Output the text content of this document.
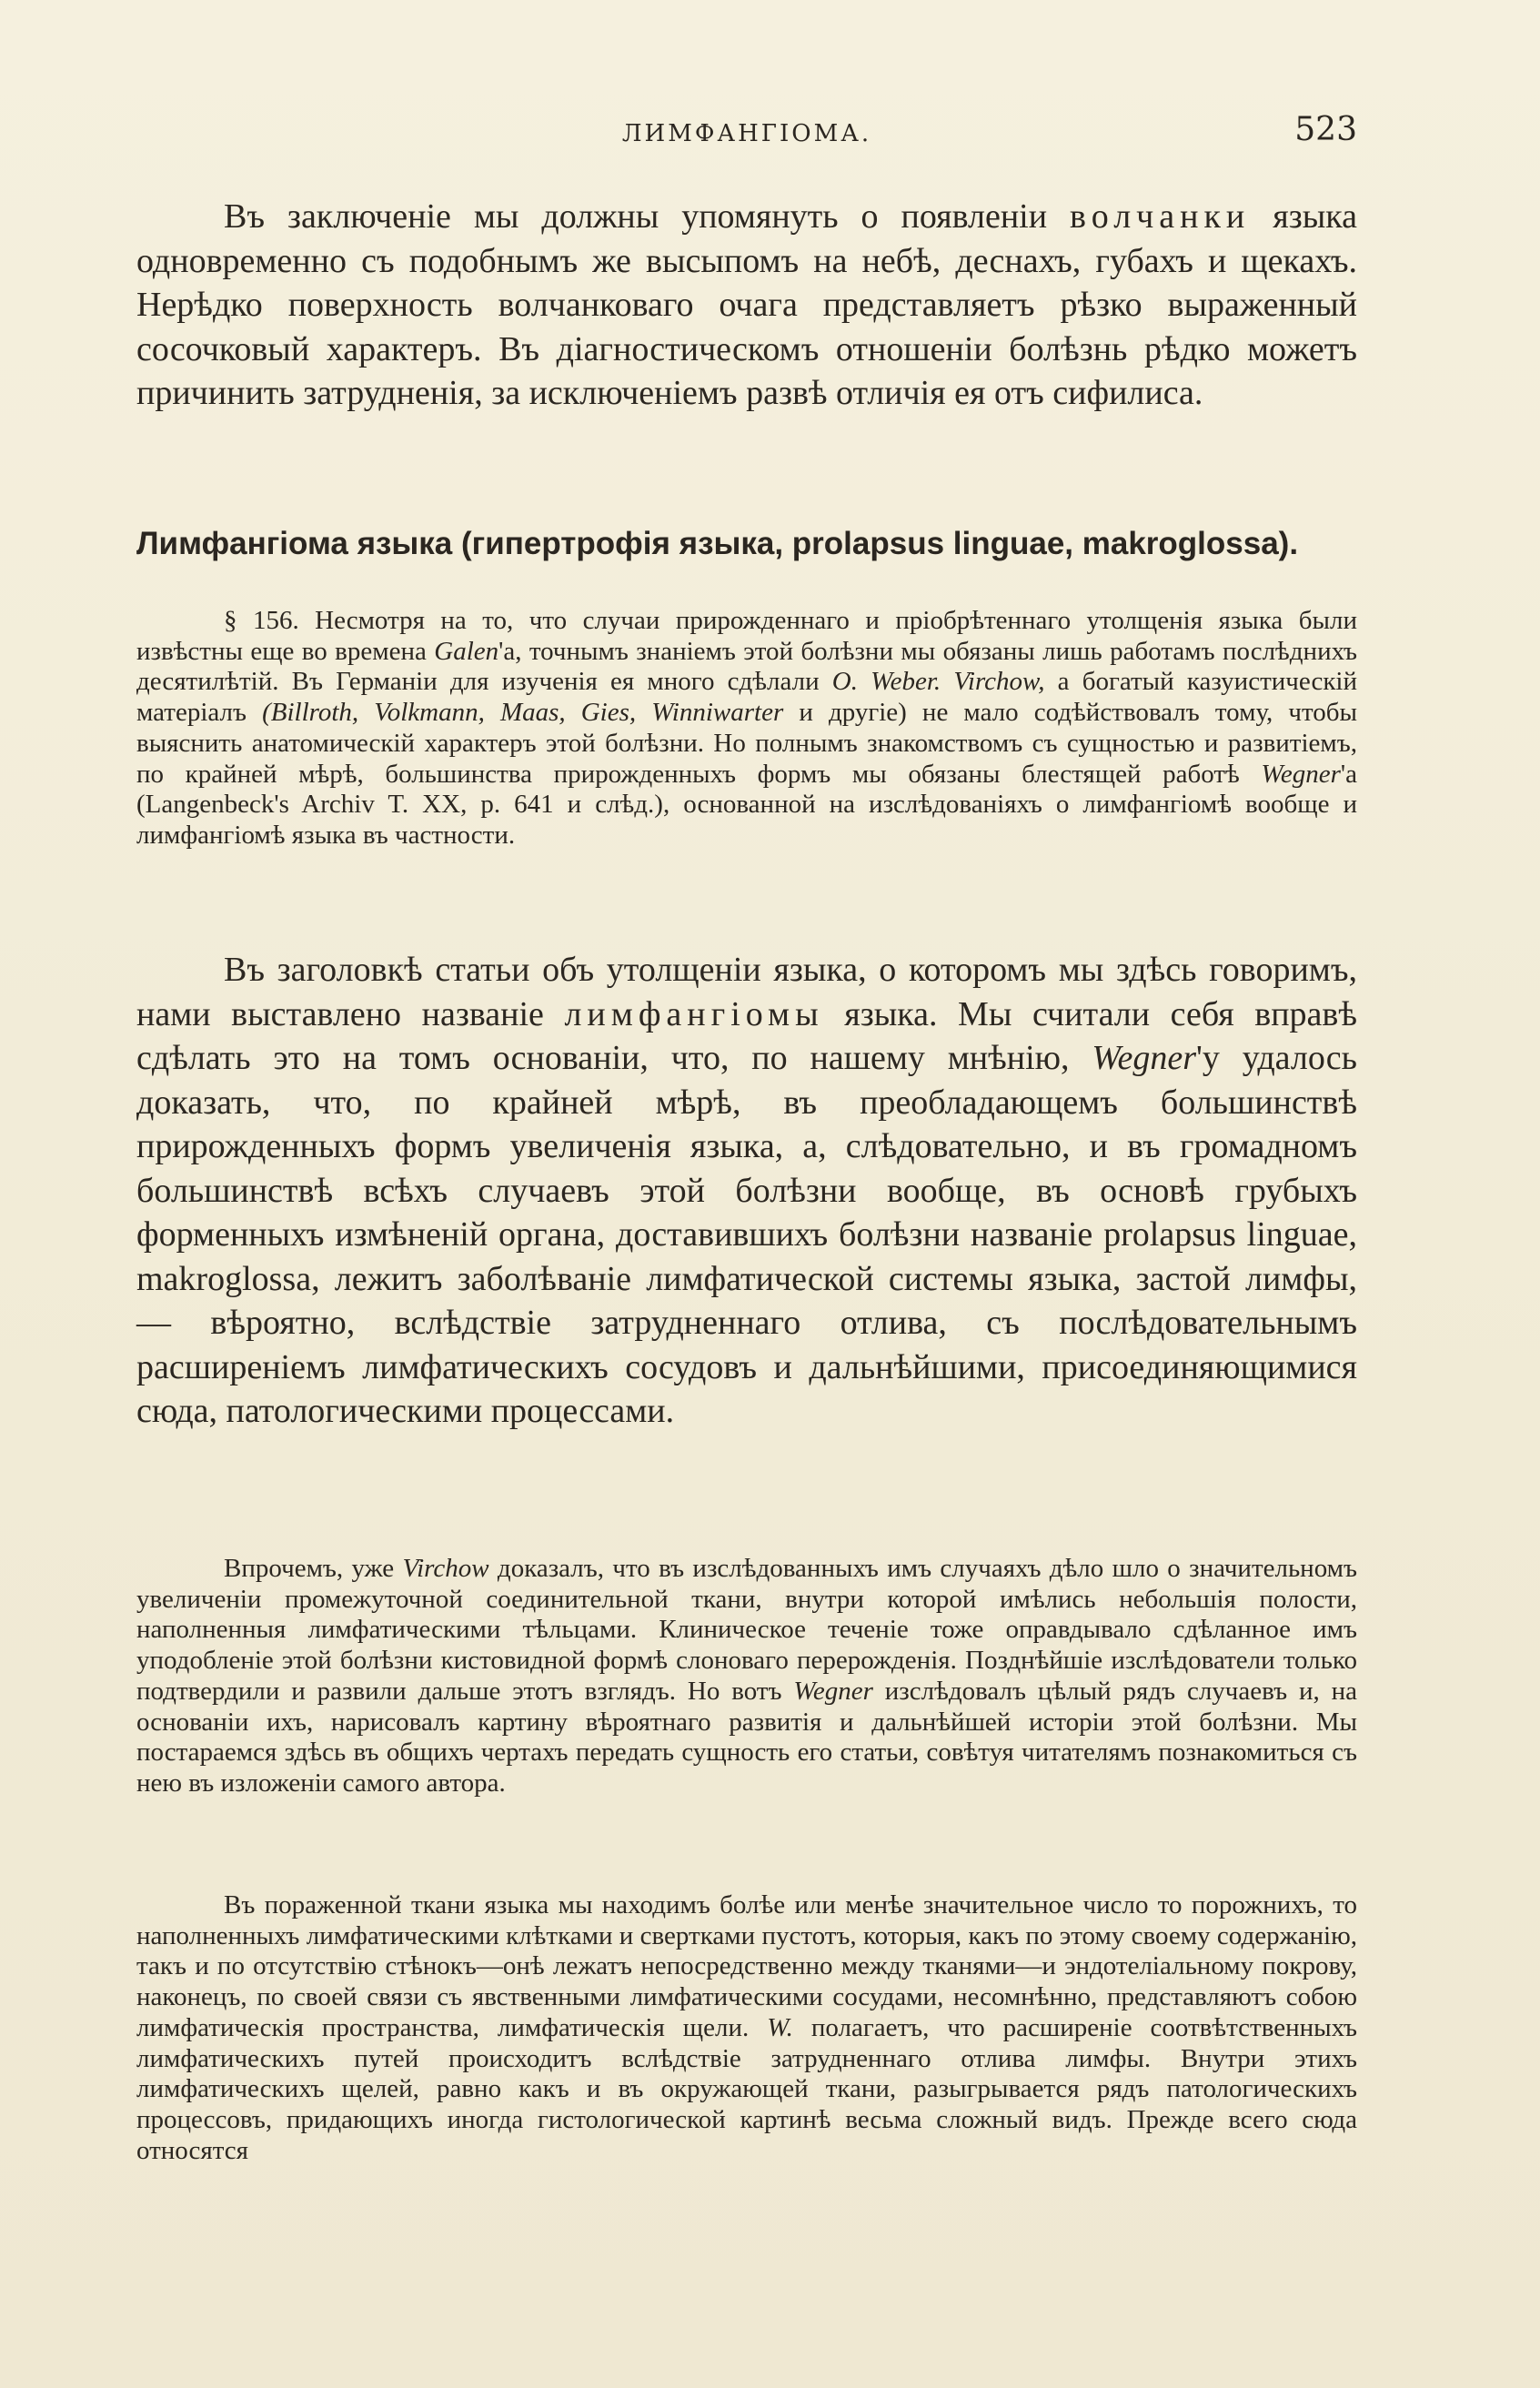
ЛИМФАНГІОМА.	523

Въ заключеніе мы должны упомянуть о появленіи волчанки языка одновременно съ подобнымъ же высыпомъ на небѣ, деснахъ, губахъ и щекахъ. Нерѣдко поверхность волчанковаго очага представляетъ рѣзко выраженный сосочковый характеръ. Въ діагностическомъ отношеніи болѣзнь рѣдко можетъ причинить затрудненія, за исключеніемъ развѣ отличія ея отъ сифилиса.

Лимфангіома языка (гипертрофія языка, prolapsus linguae, makroglossa).

§ 156. Несмотря на то, что случаи прирожденнаго и пріобрѣтеннаго утолщенія языка были извѣстны еще во времена Galen'а, точнымъ знаніемъ этой болѣзни мы обязаны лишь работамъ послѣднихъ десятилѣтій. Въ Германіи для изученія ея много сдѣлали O. Weber. Virchow, а богатый казуистическій матеріалъ (Billroth, Volkmann, Maas, Gies, Winniwarter и другіе) не мало содѣйствовалъ тому, чтобы выяснить анатомическій характеръ этой болѣзни. Но полнымъ знакомствомъ съ сущностью и развитіемъ, по крайней мѣрѣ, большинства прирожденныхъ формъ мы обязаны блестящей работѣ Wegner'а (Langenbeck's Archiv T. XX, p. 641 и слѣд.), основанной на изслѣдованіяхъ о лимфангіомѣ вообще и лимфангіомѣ языка въ частности.

Въ заголовкѣ статьи объ утолщеніи языка, о которомъ мы здѣсь говоримъ, нами выставлено названіе лимфангіомы языка. Мы считали себя вправѣ сдѣлать это на томъ основаніи, что, по нашему мнѣнію, Wegner'у удалось доказать, что, по крайней мѣрѣ, въ преобладающемъ большинствѣ прирожденныхъ формъ увеличенія языка, а, слѣдовательно, и въ громадномъ большинствѣ всѣхъ случаевъ этой болѣзни вообще, въ основѣ грубыхъ форменныхъ измѣненій органа, доставившихъ болѣзни названіе prolapsus linguae, makroglossa, лежитъ заболѣваніе лимфатической системы языка, застой лимфы, — вѣроятно, вслѣдствіе затрудненнаго отлива, съ послѣдовательнымъ расширеніемъ лимфатическихъ сосудовъ и дальнѣйшими, присоединяющимися сюда, патологическими процессами.

Впрочемъ, уже Virchow доказалъ, что въ изслѣдованныхъ имъ случаяхъ дѣло шло о значительномъ увеличеніи промежуточной соединительной ткани, внутри которой имѣлись небольшія полости, наполненныя лимфатическими тѣльцами. Клиническое теченіе тоже оправдывало сдѣланное имъ уподобленіе этой болѣзни кистовидной формѣ слоноваго перерожденія. Позднѣйшіе изслѣдователи только подтвердили и развили дальше этотъ взглядъ. Но вотъ Wegner изслѣдовалъ цѣлый рядъ случаевъ и, на основаніи ихъ, нарисовалъ картину вѣроятнаго развитія и дальнѣйшей исторіи этой болѣзни. Мы постараемся здѣсь въ общихъ чертахъ передать сущность его статьи, совѣтуя читателямъ познакомиться съ нею въ изложеніи самого автора.

Въ пораженной ткани языка мы находимъ болѣе или менѣе значительное число то порожнихъ, то наполненныхъ лимфатическими клѣтками и свертками пустотъ, которыя, какъ по этому своему содержанію, такъ и по отсутствію стѣнокъ—онѣ лежатъ непосредственно между тканями—и эндотеліальному покрову, наконецъ, по своей связи съ явственными лимфатическими сосудами, несомнѣнно, представляютъ собою лимфатическія пространства, лимфатическія щели. W. полагаетъ, что расширеніе соотвѣтственныхъ лимфатическихъ путей происходитъ вслѣдствіе затрудненнаго отлива лимфы. Внутри этихъ лимфатическихъ щелей, равно какъ и въ окружающей ткани, разыгрывается рядъ патологическихъ процессовъ, придающихъ иногда гистологической картинѣ весьма сложный видъ. Прежде всего сюда относятся
